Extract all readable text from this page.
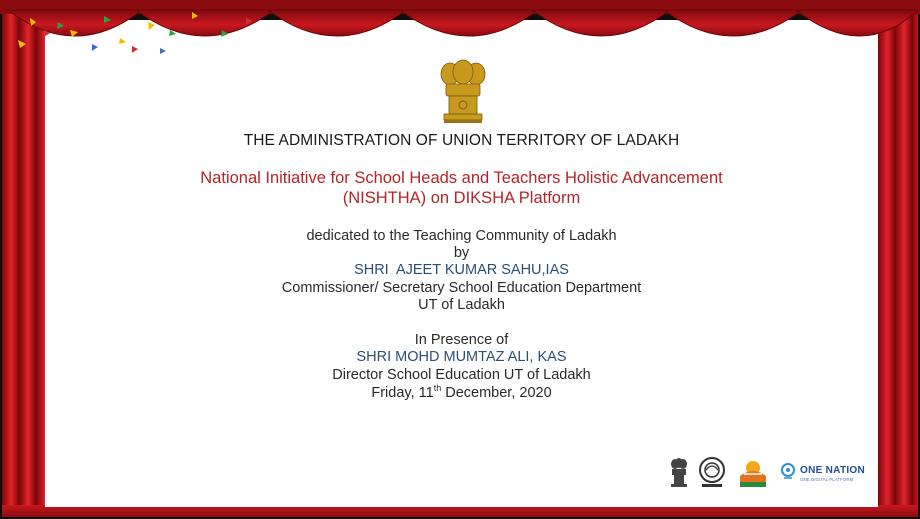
THE ADMINISTRATION OF UNION TERRITORY OF LADAKH
National Initiative for School Heads and Teachers Holistic Advancement
(NISHTHA) on DIKSHA Platform
dedicated to the Teaching Community of Ladakh
by
SHRI  AJEET KUMAR SAHU,IAS
Commissioner/ Secretary School Education Department
UT of Ladakh
In Presence of
SHRI MOHD MUMTAZ ALI, KAS
Director School Education UT of Ladakh
Friday, 11th December, 2020
ONE NATION
ONE DIGITAL PLATFORM
